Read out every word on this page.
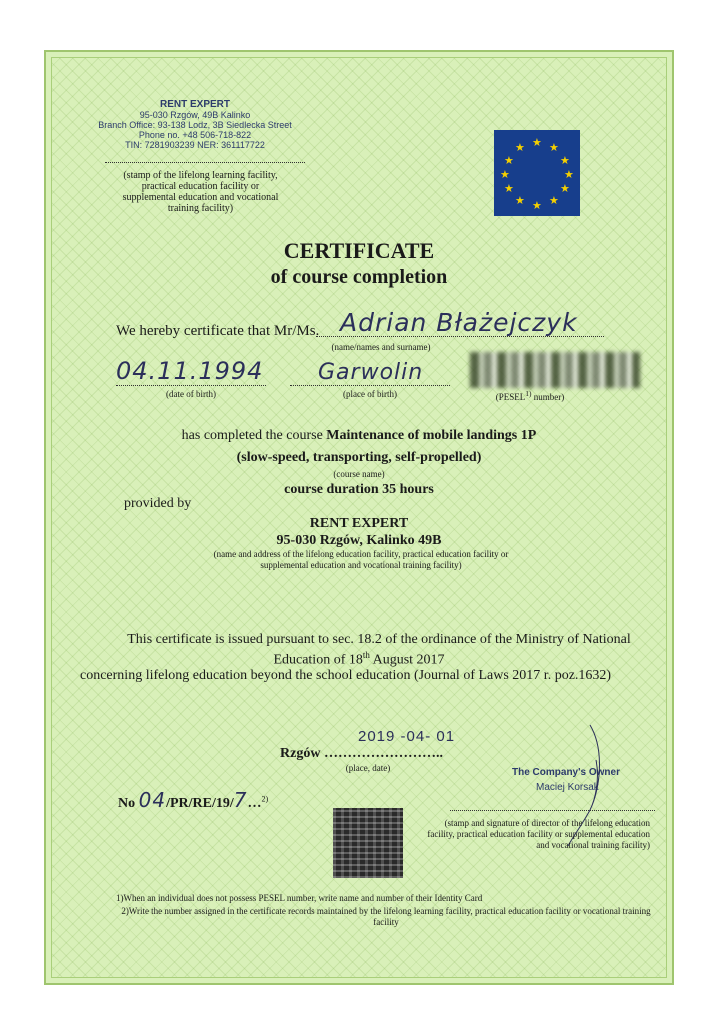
RENT EXPERT
95-030 Rzgów, 49B Kalinko
Branch Office: 93-138 Lodz, 3B Siedlecka Street
Phone no. +48 506-718-822
TIN: 7281903239 NER: 361117722
(stamp of the lifelong learning facility, practical education facility or supplemental education and vocational training facility)
★ ★
★
★
★
★
★
★
★
★
★
★
CERTIFICATE
of course completion
We hereby certificate that Mr/Ms. Adrian Błażejczyk
(name/names and surname)
04.11.1994
(date of birth)
Garwolin
(place of birth)	(PESEL$^{1)}$ number)
has completed the course Maintenance of mobile landings 1P
(slow-speed, transporting, self-propelled)
(course name)
course duration 35 hours
provided by
RENT EXPERT
95-030 Rzgów, Kalinko 49B
(name and address of the lifelong education facility, practical education facility or supplemental education and vocational training facility)
This certificate is issued pursuant to sec. 18.2 of the ordinance of the Ministry of National
Education of 18th August 2017
concerning lifelong education beyond the school education (Journal of Laws 2017 r. poz.1632)
2019 -04- 01
Rzgów ……………………..
(place, date)
No 04/PR/RE/19/7…$^{2)}$
The Company's Owner
Maciej Korsak
(stamp and signature of director of the lifelong education facility, practical education facility or supplemental education and vocational training facility)
1)When an individual does not possess PESEL number, write name and number of their Identity Card
2)Write the number assigned in the certificate records maintained by the lifelong learning facility, practical education facility or vocational training facility
